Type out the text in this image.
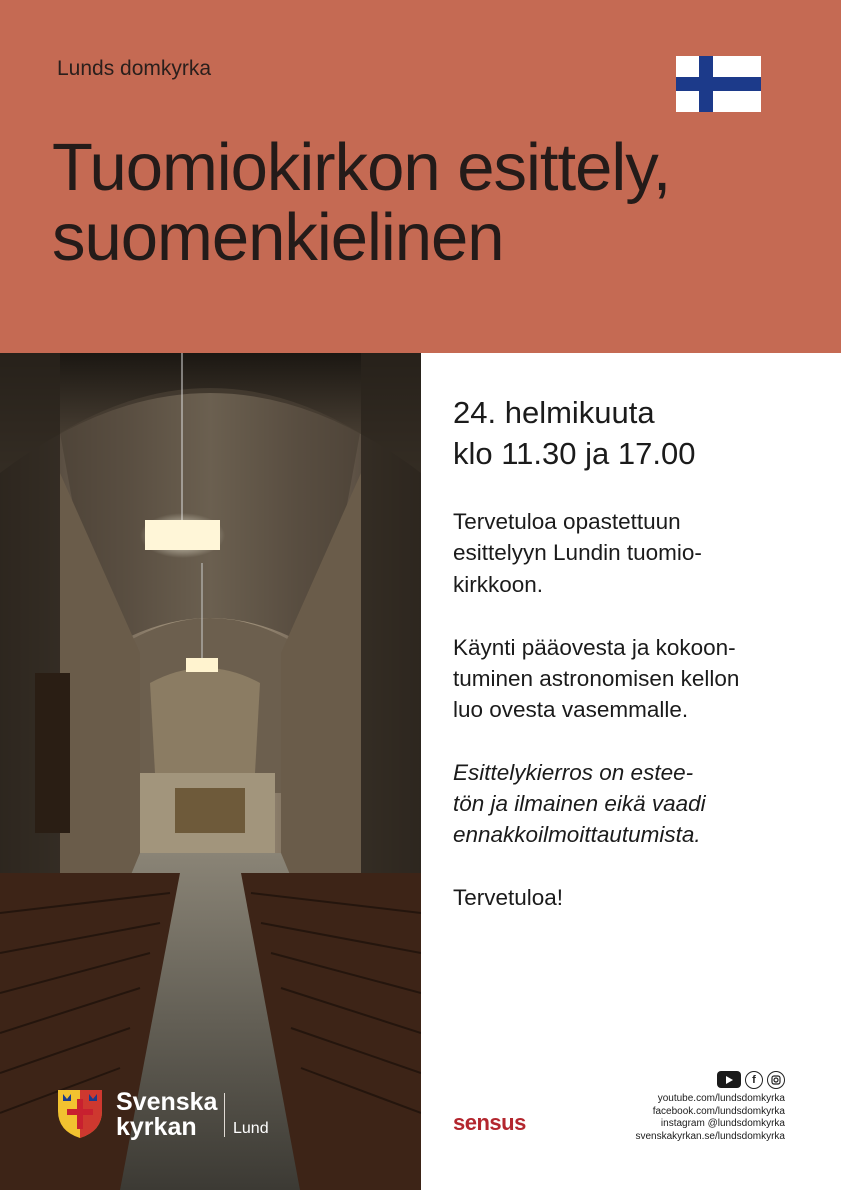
Lunds domkyrka
Tuomiokirkon esittely,
suomenkielinen
24. helmikuuta
klo 11.30 ja 17.00
Tervetuloa opastettuun
esittelyyn Lundin tuomio-
kirkkoon.
Käynti pääovesta ja kokoon-
tuminen astronomisen kellon
luo ovesta vasemmalle.
Esittelykierros on estee-
tön ja ilmainen eikä vaadi
ennakkoilmoittautumista.
Tervetuloa!
f
youtube.com/lundsdomkyrka
facebook.com/lundsdomkyrka
instagram @lundsdomkyrka
svenskakyrkan.se/lundsdomkyrka
sensus
Svenska
kyrkan	Lund
